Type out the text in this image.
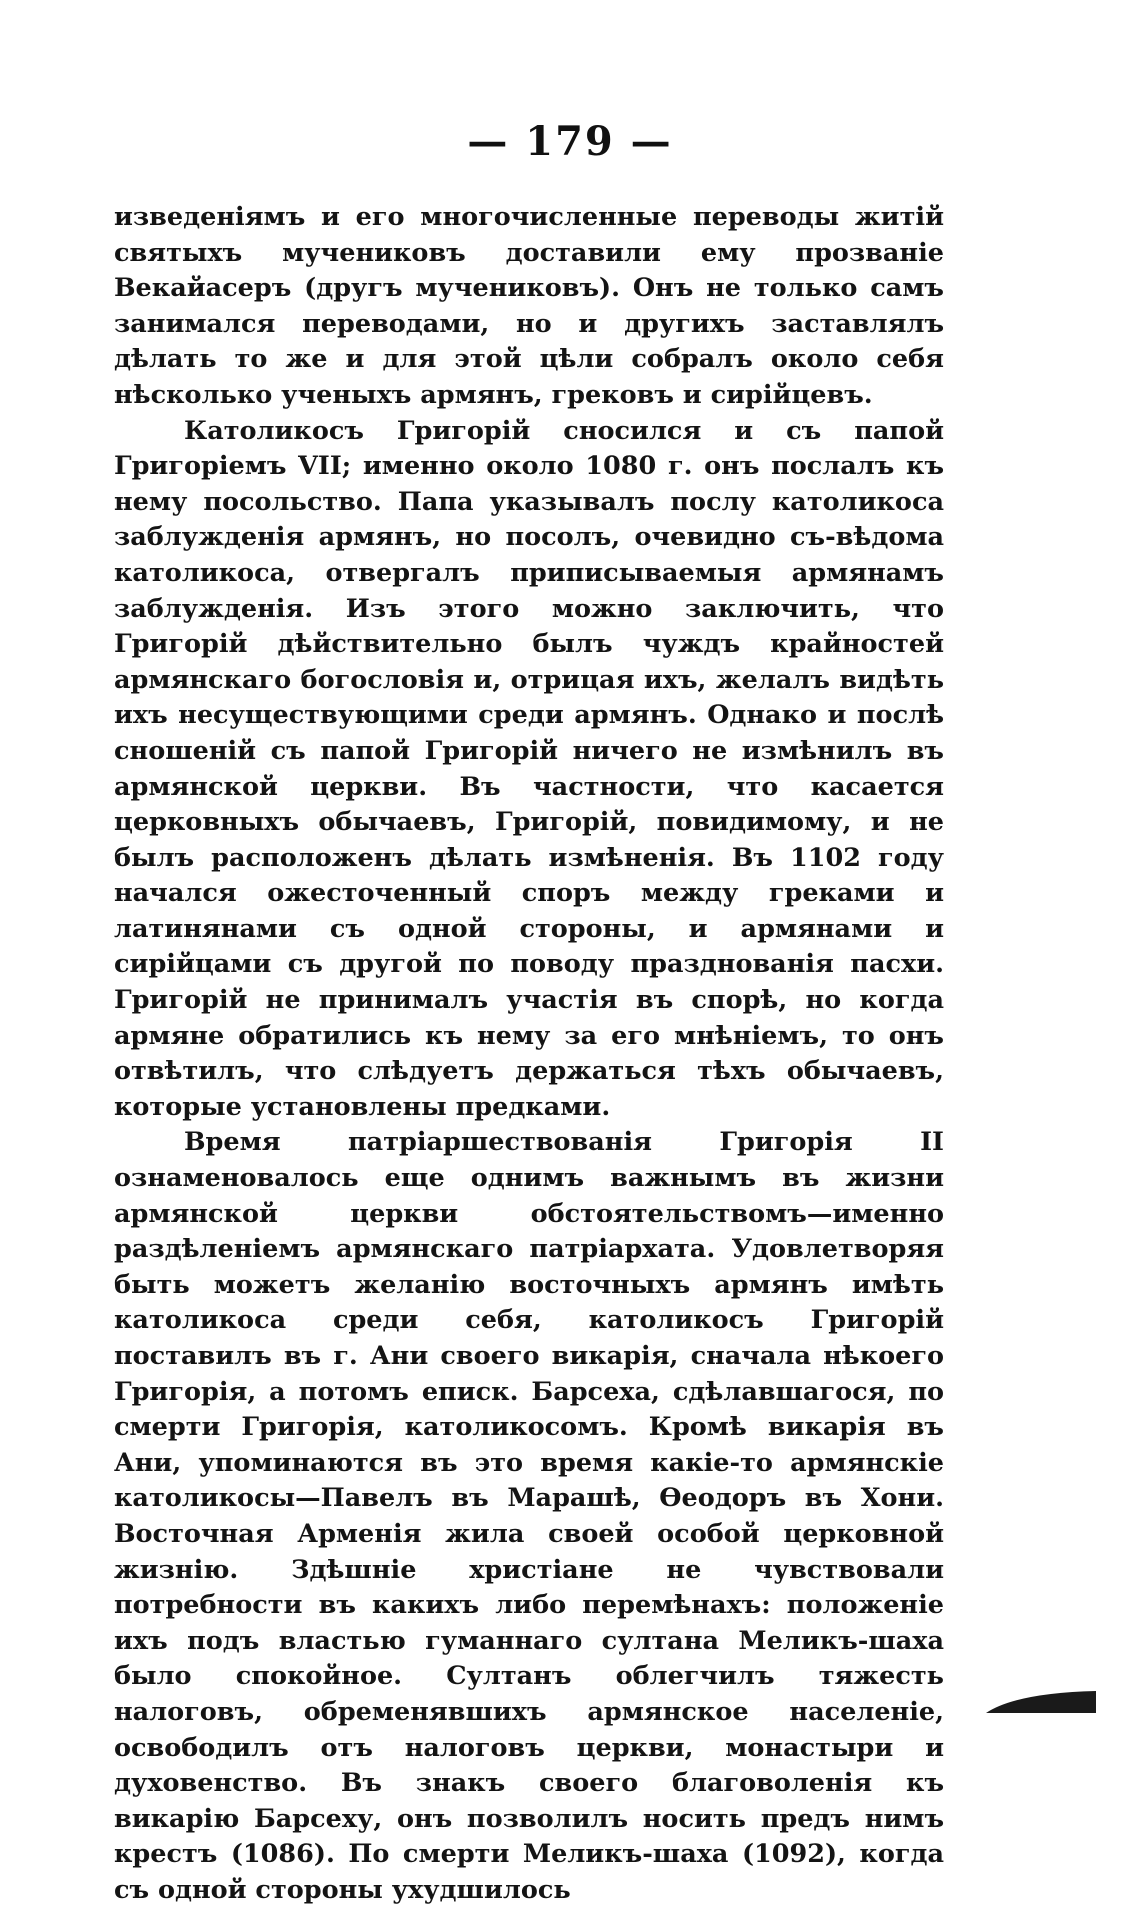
— 179 —

изведеніямъ и его многочисленные переводы житій святыхъ мучениковъ доставили ему прозваніе Векайасеръ (другъ мучениковъ). Онъ не только самъ занимался переводами, но и другихъ заставлялъ дѣлать то же и для этой цѣли собралъ около себя нѣсколько ученыхъ армянъ, грековъ и сирійцевъ.

Католикосъ Григорій сносился и съ папой Григоріемъ VII; именно около 1080 г. онъ послалъ къ нему посольство. Папа указывалъ послу католикоса заблужденія армянъ, но посолъ, очевидно съ-вѣдома католикоса, отвергалъ приписываемыя армянамъ заблужденія. Изъ этого можно заключить, что Григорій дѣйствительно былъ чуждъ крайностей армянскаго богословія и, отрицая ихъ, желалъ видѣть ихъ несуществующими среди армянъ. Однако и послѣ сношеній съ папой Григорій ничего не измѣнилъ въ армянской церкви. Въ частности, что касается церковныхъ обычаевъ, Григорій, повидимому, и не былъ расположенъ дѣлать измѣненія. Въ 1102 году начался ожесточенный споръ между греками и латинянами съ одной стороны, и армянами и сирійцами съ другой по поводу празднованія пасхи. Григорій не принималъ участія въ спорѣ, но когда армяне обратились къ нему за его мнѣніемъ, то онъ отвѣтилъ, что слѣдуетъ держаться тѣхъ обычаевъ, которые установлены предками.

Время патріаршествованія Григорія II ознаменовалось еще однимъ важнымъ въ жизни армянской церкви обстоятельствомъ—именно раздѣленіемъ армянскаго патріархата. Удовлетворяя быть можетъ желанію восточныхъ армянъ имѣть католикоса среди себя, католикосъ Григорій поставилъ въ г. Ани своего викарія, сначала нѣкоего Григорія, а потомъ еписк. Барсеха, сдѣлавшагося, по смерти Григорія, католикосомъ. Кромѣ викарія въ Ани, упоминаются въ это время какіе-то армянскіе католикосы—Павелъ въ Марашѣ, Ѳеодоръ въ Хони. Восточная Арменія жила своей особой церковной жизнію. Здѣшніе христіане не чувствовали потребности въ какихъ либо перемѣнахъ: положеніе ихъ подъ властью гуманнаго султана Меликъ-шаха было спокойное. Султанъ облегчилъ тяжесть налоговъ, обременявшихъ армянское населеніе, освободилъ отъ налоговъ церкви, монастыри и духовенство. Въ знакъ своего благоволенія къ викарію Барсеху, онъ позволилъ носить предъ нимъ крестъ (1086). По смерти Меликъ-шаха (1092), когда съ одной стороны ухудшилось
